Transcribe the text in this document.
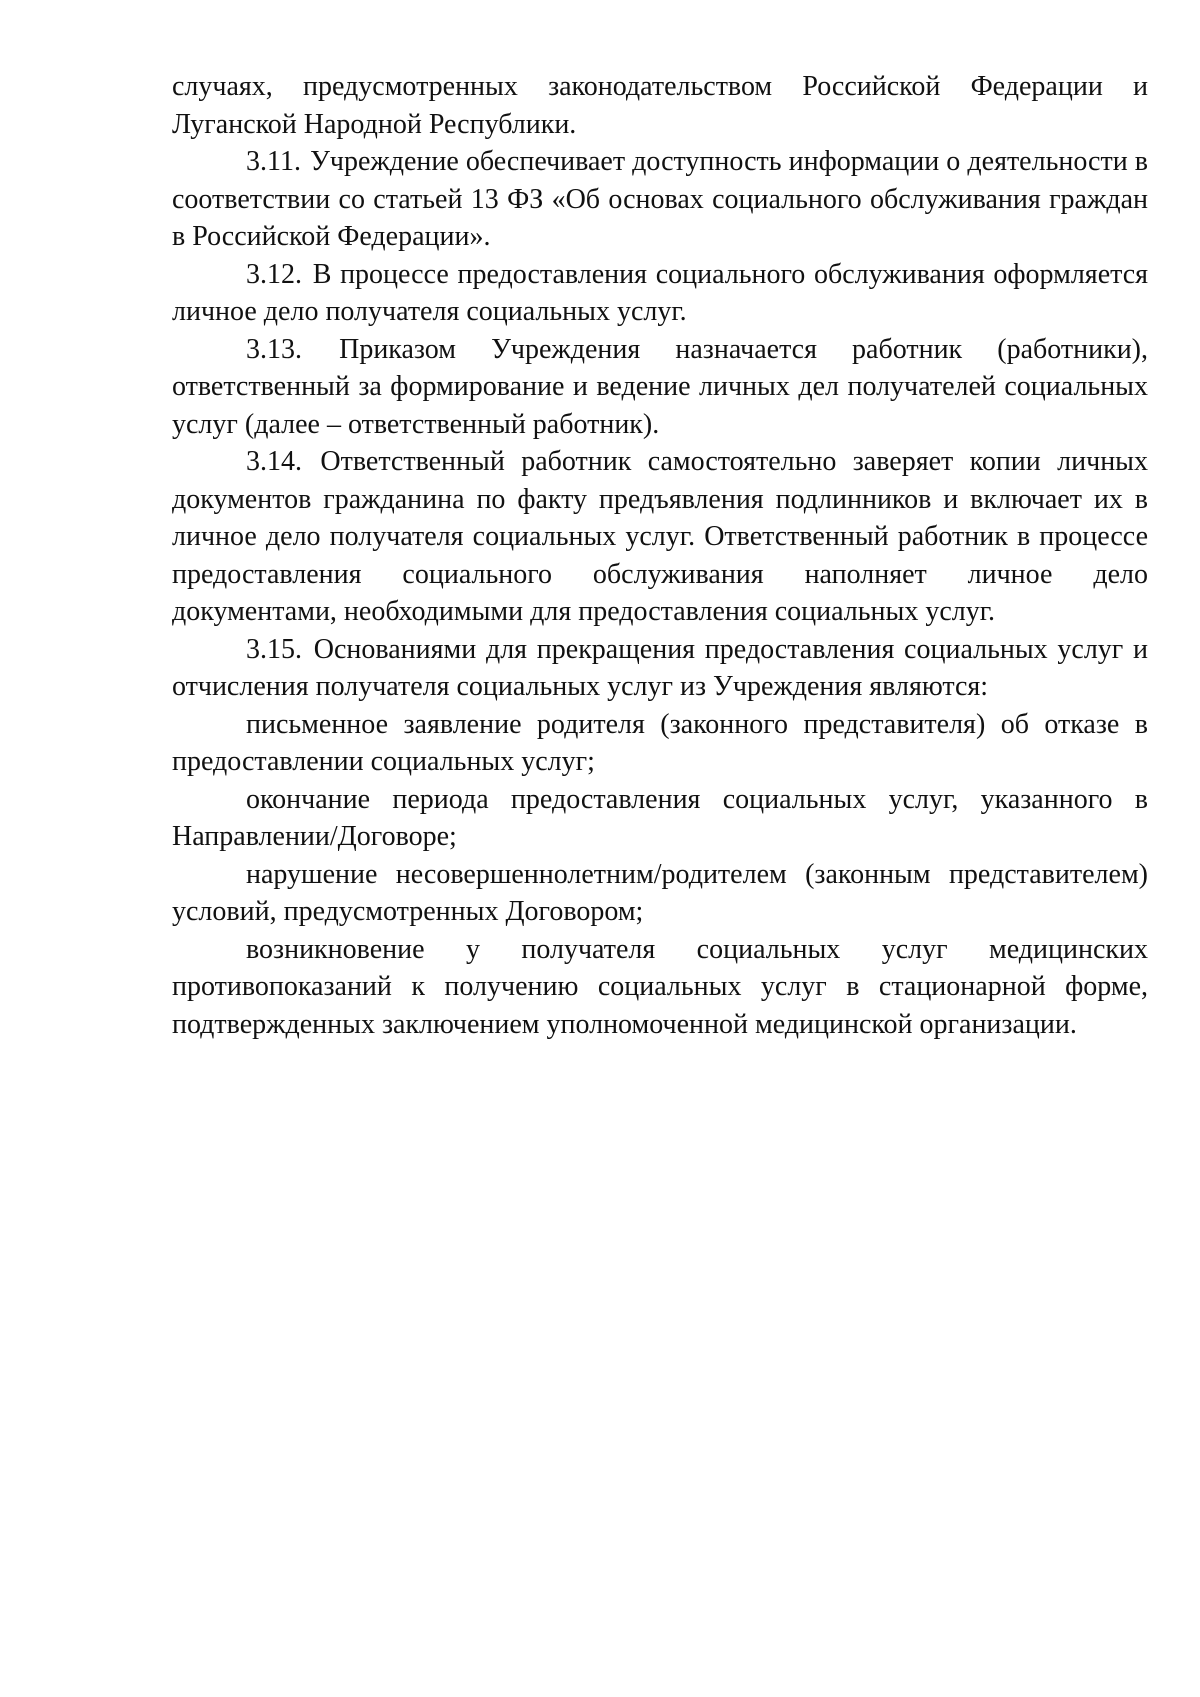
случаях, предусмотренных законодательством Российской Федерации и Луганской Народной Республики.

3.11. Учреждение обеспечивает доступность информации о деятельности в соответствии со статьей 13 ФЗ «Об основах социального обслуживания граждан в Российской Федерации».

3.12. В процессе предоставления социального обслуживания оформляется личное дело получателя социальных услуг.

3.13. Приказом Учреждения назначается работник (работники), ответственный за формирование и ведение личных дел получателей социальных услуг (далее – ответственный работник).

3.14. Ответственный работник самостоятельно заверяет копии личных документов гражданина по факту предъявления подлинников и включает их в личное дело получателя социальных услуг. Ответственный работник в процессе предоставления социального обслуживания наполняет личное дело документами, необходимыми для предоставления социальных услуг.

3.15. Основаниями для прекращения предоставления социальных услуг и отчисления получателя социальных услуг из Учреждения являются:

письменное заявление родителя (законного представителя) об отказе в предоставлении социальных услуг;

окончание периода предоставления социальных услуг, указанного в Направлении/Договоре;

нарушение несовершеннолетним/родителем (законным представителем) условий, предусмотренных Договором;

возникновение у получателя социальных услуг медицинских противопоказаний к получению социальных услуг в стационарной форме, подтвержденных заключением уполномоченной медицинской организации.
